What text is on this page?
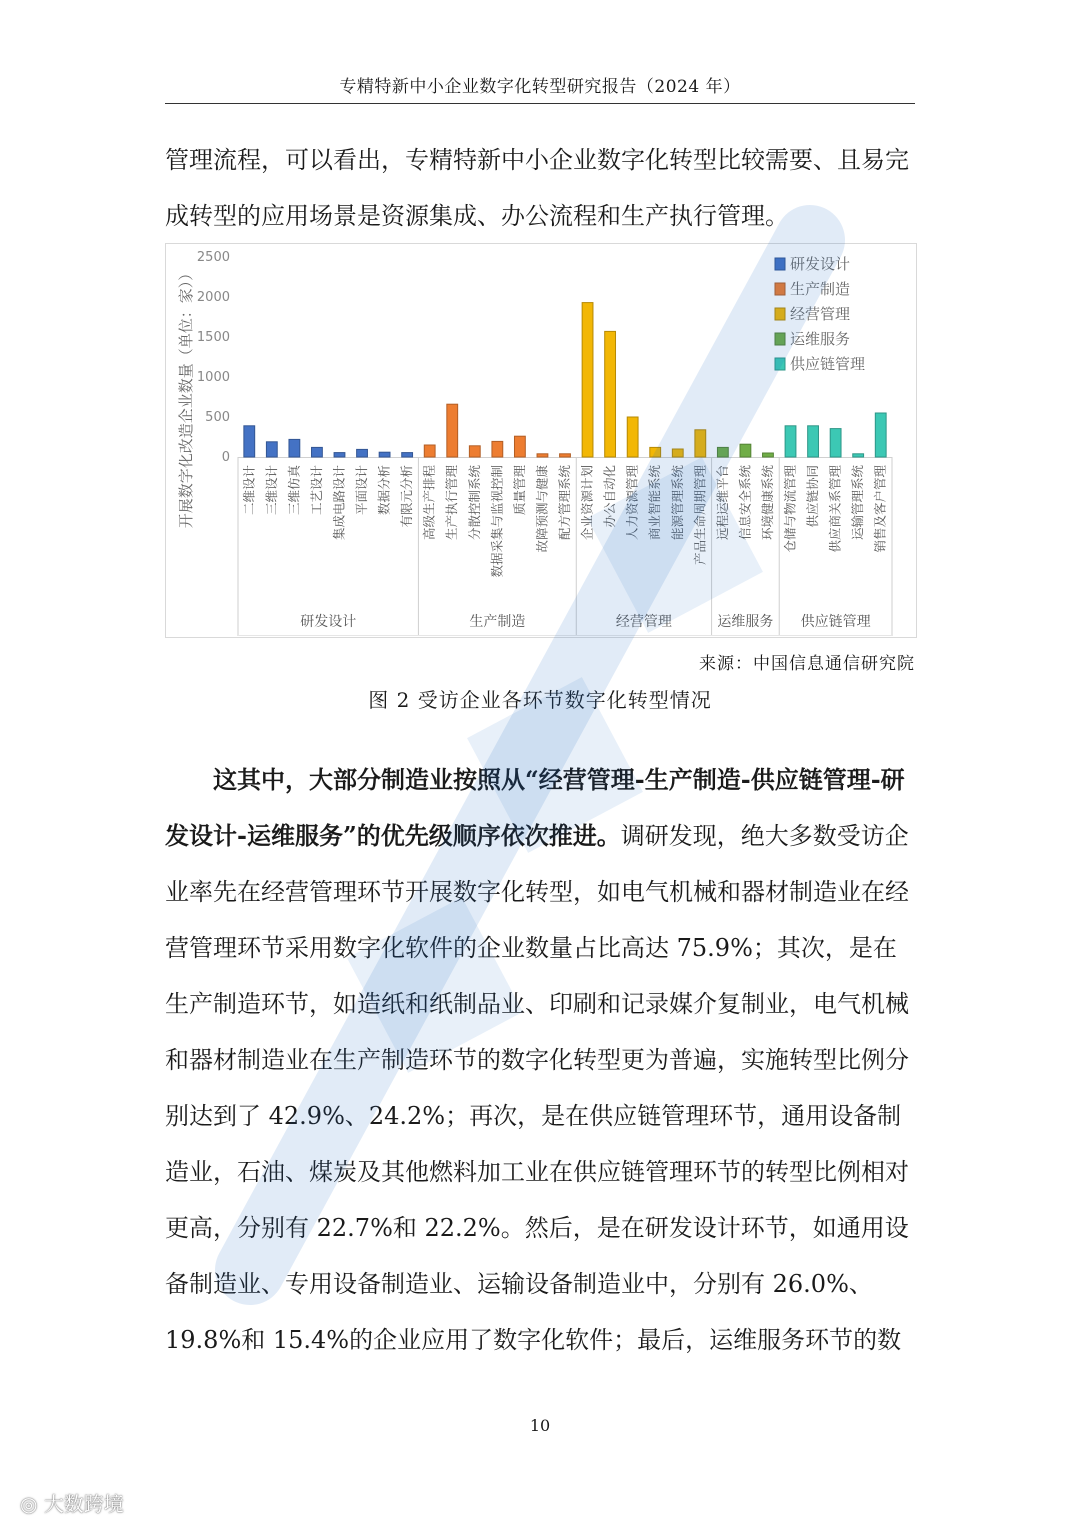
专精特新中小企业数字化转型研究报告（2024 年）

管理流程，可以看出，专精特新中小企业数字化转型比较需要、且易完成转型的应用场景是资源集成、办公流程和生产执行管理。

开展数字化改造企业数量（单位：家）） 0
500
1000
1500
2000
2500
二维设计 三维设计 三维仿真 工艺设计 集成电路设计 平面设计 数据分析 有限元分析
研发设计
高级生产排程 生产执行管理 分散控制系统 数据采集与监视控制 质量管理 故障预测与健康 配方管理系统
生产制造
企业资源计划 办公自动化 人力资源管理 商业智能系统 能源管理系统 产品生命周期管理
经营管理
远程运维平台 信息安全系统 环境健康系统
运维服务
仓储与物流管理 供应链协同 供应商关系管理 运输管理系统 销售及客户管理
供应链管理
研发设计
生产制造
经营管理
运维服务
供应链管理
来源：中国信息通信研究院
图 2 受访企业各环节数字化转型情况

这其中，大部分制造业按照从“经营管理-生产制造-供应链管理-研发设计-运维服务”的优先级顺序依次推进。调研发现，绝大多数受访企业率先在经营管理环节开展数字化转型，如电气机械和器材制造业在经营管理环节采用数字化软件的企业数量占比高达 75.9%；其次，是在生产制造环节，如造纸和纸制品业、印刷和记录媒介复制业，电气机械和器材制造业在生产制造环节的数字化转型更为普遍，实施转型比例分别达到了 42.9%、24.2%；再次，是在供应链管理环节，通用设备制造业，石油、煤炭及其他燃料加工业在供应链管理环节的转型比例相对更高，分别有 22.7%和 22.2%。然后，是在研发设计环节，如通用设备制造业、专用设备制造业、运输设备制造业中，分别有 26.0%、19.8%和 15.4%的企业应用了数字化软件；最后，运维服务环节的数

10
◎ 大数跨境
